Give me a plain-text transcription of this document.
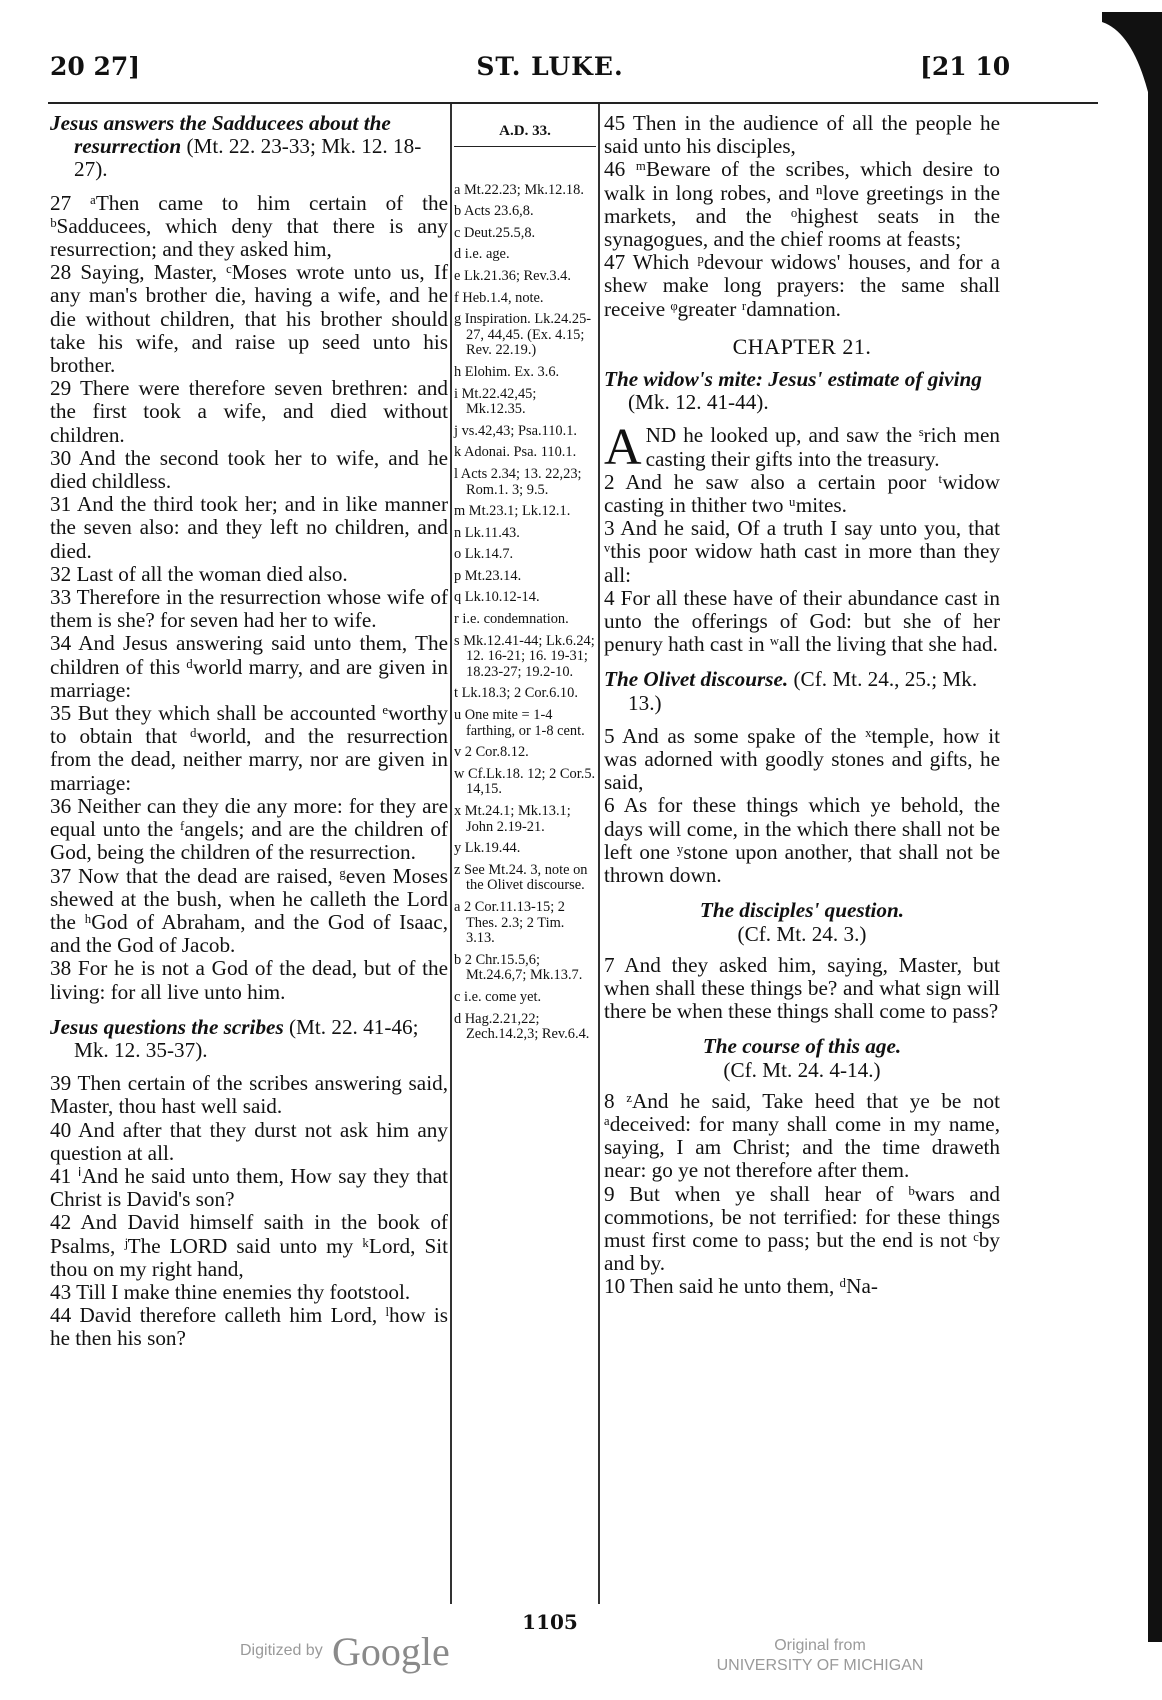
20 27]	ST. LUKE.	[21 10

Jesus answers the Sadducees about the resurrection (Mt. 22. 23-33; Mk. 12. 18-27).

27 ᵃThen came to him certain of the ᵇSadducees, which deny that there is any resurrection; and they asked him,

28 Saying, Master, ᶜMoses wrote unto us, If any man's brother die, having a wife, and he die without children, that his brother should take his wife, and raise up seed unto his brother.

29 There were therefore seven brethren: and the first took a wife, and died without children.

30 And the second took her to wife, and he died childless.

31 And the third took her; and in like manner the seven also: and they left no children, and died.

32 Last of all the woman died also.

33 Therefore in the resurrection whose wife of them is she? for seven had her to wife.

34 And Jesus answering said unto them, The children of this ᵈworld marry, and are given in marriage:

35 But they which shall be accounted ᵉworthy to obtain that ᵈworld, and the resurrection from the dead, neither marry, nor are given in marriage:

36 Neither can they die any more: for they are equal unto the ᶠangels; and are the children of God, being the children of the resurrection.

37 Now that the dead are raised, ᵍeven Moses shewed at the bush, when he calleth the Lord the ʰGod of Abraham, and the God of Isaac, and the God of Jacob.

38 For he is not a God of the dead, but of the living: for all live unto him.

Jesus questions the scribes (Mt. 22. 41-46; Mk. 12. 35-37).

39 Then certain of the scribes answering said, Master, thou hast well said.

40 And after that they durst not ask him any question at all.

41 ⁱAnd he said unto them, How say they that Christ is David's son?

42 And David himself saith in the book of Psalms, ʲThe LORD said unto my ᵏLord, Sit thou on my right hand,

43 Till I make thine enemies thy footstool.

44 David therefore calleth him Lord, ˡhow is he then his son?

A.D. 33.

a Mt.22.23; Mk.12.18.

b Acts 23.6,8.

c Deut.25.5,8.

d i.e. age.

e Lk.21.36; Rev.3.4.

f Heb.1.4, note.

g Inspiration. Lk.24.25-27, 44,45. (Ex. 4.15; Rev. 22.19.)

h Elohim. Ex. 3.6.

i Mt.22.42,45; Mk.12.35.

j vs.42,43; Psa.110.1.

k Adonai. Psa. 110.1.

l Acts 2.34; 13. 22,23; Rom.1. 3; 9.5.

m Mt.23.1; Lk.12.1.

n Lk.11.43.

o Lk.14.7.

p Mt.23.14.

q Lk.10.12-14.

r i.e. condemnation.

s Mk.12.41-44; Lk.6.24; 12. 16-21; 16. 19-31; 18.23-27; 19.2-10.

t Lk.18.3; 2 Cor.6.10.

u One mite = 1-4 farthing, or 1-8 cent.

v 2 Cor.8.12.

w Cf.Lk.18. 12; 2 Cor.5. 14,15.

x Mt.24.1; Mk.13.1; John 2.19-21.

y Lk.19.44.

z See Mt.24. 3, note on the Olivet discourse.

a 2 Cor.11.13-15; 2 Thes. 2.3; 2 Tim. 3.13.

b 2 Chr.15.5,6; Mt.24.6,7; Mk.13.7.

c i.e. come yet.

d Hag.2.21,22; Zech.14.2,3; Rev.6.4.

45 Then in the audience of all the people he said unto his disciples,

46 ᵐBeware of the scribes, which desire to walk in long robes, and ⁿlove greetings in the markets, and the ᵒhighest seats in the synagogues, and the chief rooms at feasts;

47 Which ᵖdevour widows' houses, and for a shew make long prayers: the same shall receive ᵠgreater ʳdamnation.

CHAPTER 21.

The widow's mite: Jesus' estimate of giving (Mk. 12. 41-44).

A ND he looked up, and saw the ˢrich men casting their gifts into the treasury.

2 And he saw also a certain poor ᵗwidow casting in thither two ᵘmites.

3 And he said, Of a truth I say unto you, that ᵛthis poor widow hath cast in more than they all:

4 For all these have of their abundance cast in unto the offerings of God: but she of her penury hath cast in ʷall the living that she had.

The Olivet discourse. (Cf. Mt. 24., 25.; Mk. 13.)

5 And as some spake of the ˣtemple, how it was adorned with goodly stones and gifts, he said,

6 As for these things which ye behold, the days will come, in the which there shall not be left one ʸstone upon another, that shall not be thrown down.

The disciples' question.
(Cf. Mt. 24. 3.)

7 And they asked him, saying, Master, but when shall these things be? and what sign will there be when these things shall come to pass?

The course of this age.
(Cf. Mt. 24. 4-14.)

8 ᶻAnd he said, Take heed that ye be not ᵃdeceived: for many shall come in my name, saying, I am Christ; and the time draweth near: go ye not therefore after them.

9 But when ye shall hear of ᵇwars and commotions, be not terrified: for these things must first come to pass; but the end is not ᶜby and by.

10 Then said he unto them, ᵈNa-

1105
Digitized by Google	Original from
UNIVERSITY OF MICHIGAN
